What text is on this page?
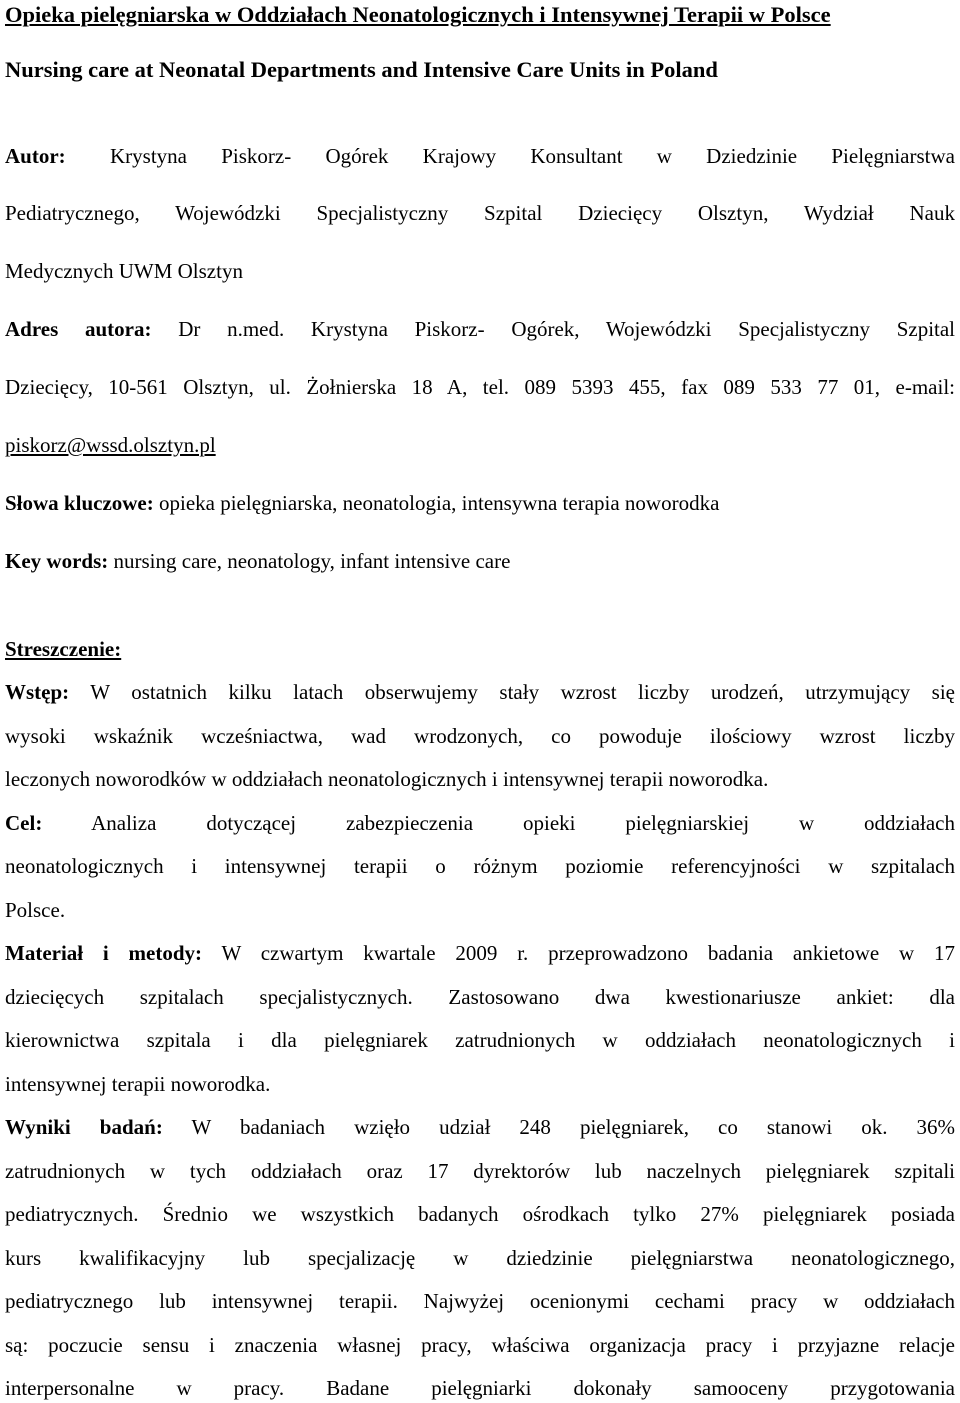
Opieka pielęgniarska w Oddziałach Neonatologicznych i Intensywnej Terapii w Polsce
Nursing care at Neonatal Departments and Intensive Care Units in Poland
Autor: Krystyna Piskorz- Ogórek Krajowy Konsultant w Dziedzinie Pielęgniarstwa
Pediatrycznego, Wojewódzki Specjalistyczny Szpital Dziecięcy Olsztyn, Wydział Nauk
Medycznych UWM Olsztyn
Adres autora: Dr n.med. Krystyna Piskorz- Ogórek, Wojewódzki Specjalistyczny Szpital
Dziecięcy, 10-561 Olsztyn, ul. Żołnierska 18 A, tel. 089 5393 455, fax 089 533 77 01, e-mail:
piskorz@wssd.olsztyn.pl
Słowa kluczowe: opieka pielęgniarska, neonatologia, intensywna terapia noworodka
Key words: nursing care, neonatology, infant intensive care
Streszczenie:
Wstęp: W ostatnich kilku latach obserwujemy stały wzrost liczby urodzeń, utrzymujący się
wysoki wskaźnik wcześniactwa, wad wrodzonych, co powoduje ilościowy wzrost liczby
leczonych noworodków w oddziałach neonatologicznych i intensywnej terapii noworodka.
Cel: Analiza dotyczącej zabezpieczenia opieki pielęgniarskiej w oddziałach
neonatologicznych i intensywnej terapii o różnym poziomie referencyjności w szpitalach
Polsce.
Materiał i metody: W czwartym kwartale 2009 r. przeprowadzono badania ankietowe w 17
dziecięcych szpitalach specjalistycznych. Zastosowano dwa kwestionariusze ankiet: dla
kierownictwa szpitala i dla pielęgniarek zatrudnionych w oddziałach neonatologicznych i
intensywnej terapii noworodka.
Wyniki badań: W badaniach wzięło udział 248 pielęgniarek, co stanowi ok. 36%
zatrudnionych w tych oddziałach oraz 17 dyrektorów lub naczelnych pielęgniarek szpitali
pediatrycznych. Średnio we wszystkich badanych ośrodkach tylko 27% pielęgniarek posiada
kurs kwalifikacyjny lub specjalizację w dziedzinie pielęgniarstwa neonatologicznego,
pediatrycznego lub intensywnej terapii. Najwyżej ocenionymi cechami pracy w oddziałach
są: poczucie sensu i znaczenia własnej pracy, właściwa organizacja pracy i przyjazne relacje
interpersonalne w pracy. Badane pielęgniarki dokonały samooceny przygotowania
